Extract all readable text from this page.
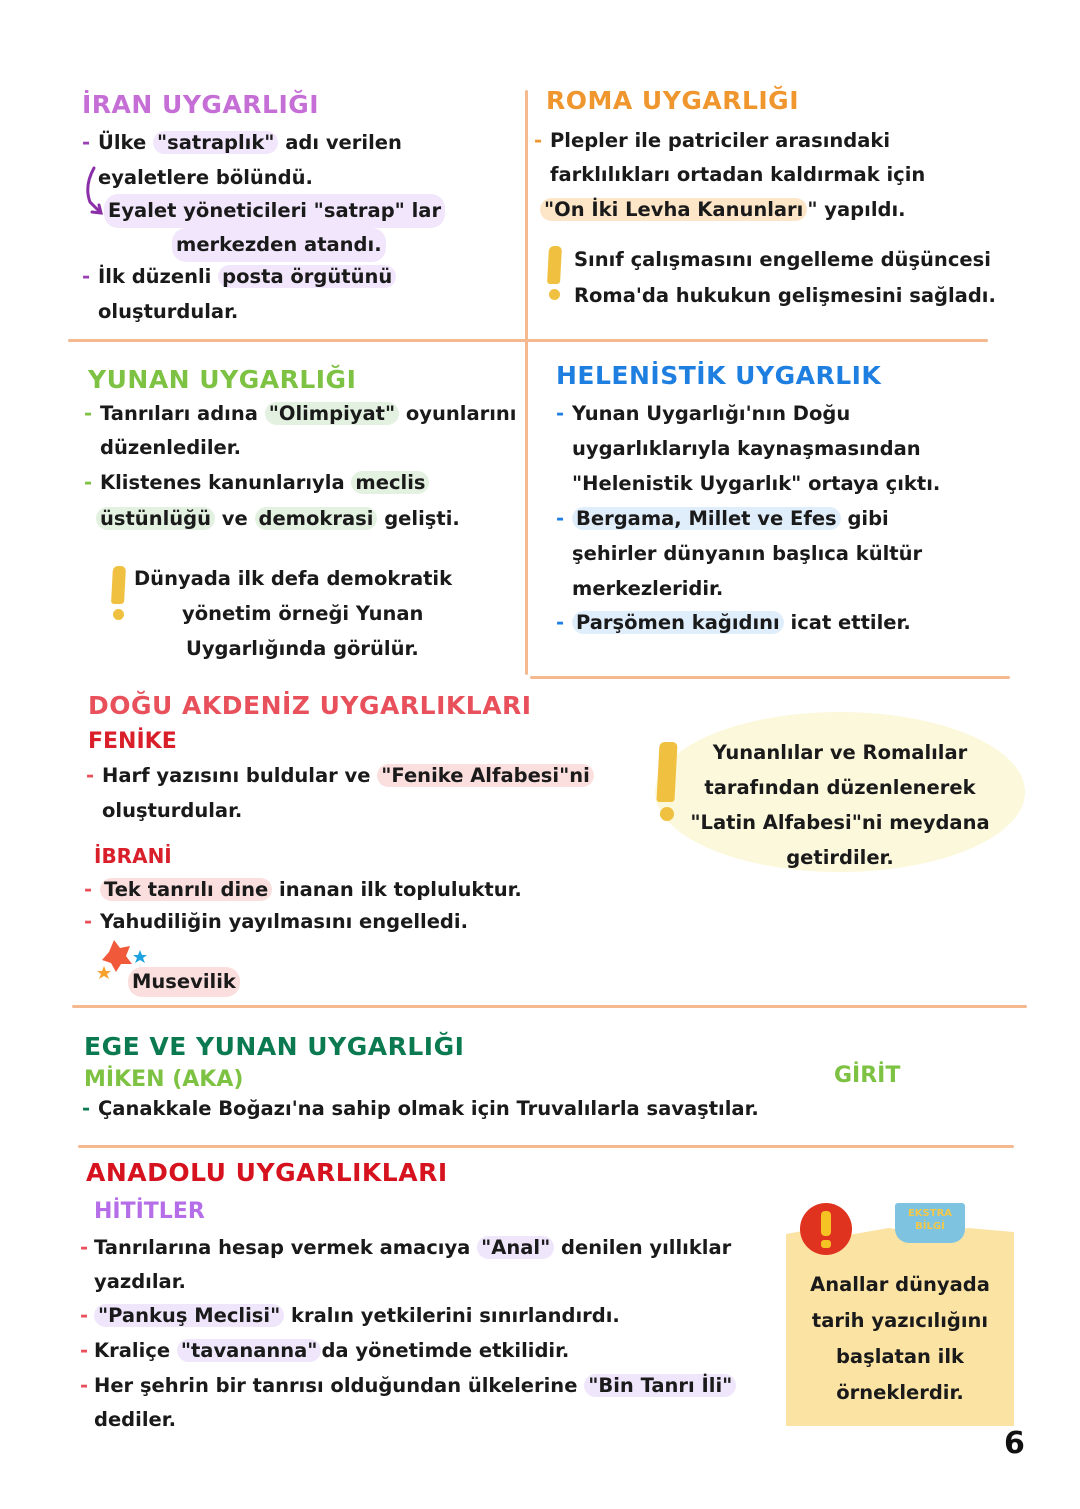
İRAN UYGARLIĞI
- Ülke "satraplık" adı verilen
eyaletlere bölündü.
Eyalet yöneticileri "satrap" lar
merkezden atandı.
- İlk düzenli posta örgütünü
oluşturdular.
ROMA UYGARLIĞI
- Plepler ile patriciler arasındaki
farklılıkları ortadan kaldırmak için
"On İki Levha Kanunları " yapıldı.
Sınıf çalışmasını engelleme düşüncesi
Roma'da hukukun gelişmesini sağladı.
YUNAN UYGARLIĞI
- Tanrıları adına "Olimpiyat" oyunlarını
düzenlediler.
- Klistenes kanunlarıyla meclis
üstünlüğü ve demokrasi gelişti.
Dünyada ilk defa demokratik
yönetim örneği Yunan
Uygarlığında görülür.
HELENİSTİK UYGARLIK
- Yunan Uygarlığı'nın Doğu
uygarlıklarıyla kaynaşmasından
"Helenistik Uygarlık" ortaya çıktı.
- Bergama, Millet ve Efes gibi
şehirler dünyanın başlıca kültür
merkezleridir.
- Parşömen kağıdını icat ettiler.
DOĞU AKDENİZ UYGARLIKLARI
FENİKE
- Harf yazısını buldular ve "Fenike Alfabesi"ni
oluşturdular.
İBRANİ
- Tek tanrılı dine inanan ilk topluluktur.
- Yahudiliğin yayılmasını engelledi.
Musevilik
Yunanlılar ve Romalılar
tarafından düzenlenerek
"Latin Alfabesi"ni meydana
getirdiler.
EGE VE YUNAN UYGARLIĞI
MİKEN (AKA)	GİRİT
- Çanakkale Boğazı'na sahip olmak için Truvalılarla savaştılar.
ANADOLU UYGARLIKLARI
HİTİTLER
- Tanrılarına hesap vermek amacıya "Anal" denilen yıllıklar
yazdılar.
- "Pankuş Meclisi" kralın yetkilerini sınırlandırdı.
- Kraliçe "tavananna" da yönetimde etkilidir.
- Her şehrin bir tanrısı olduğundan ülkelerine "Bin Tanrı İli"
dediler.
EKSTRA BİLGİ
Anallar dünyada
tarih yazıcılığını
başlatan ilk
örneklerdir.
6
